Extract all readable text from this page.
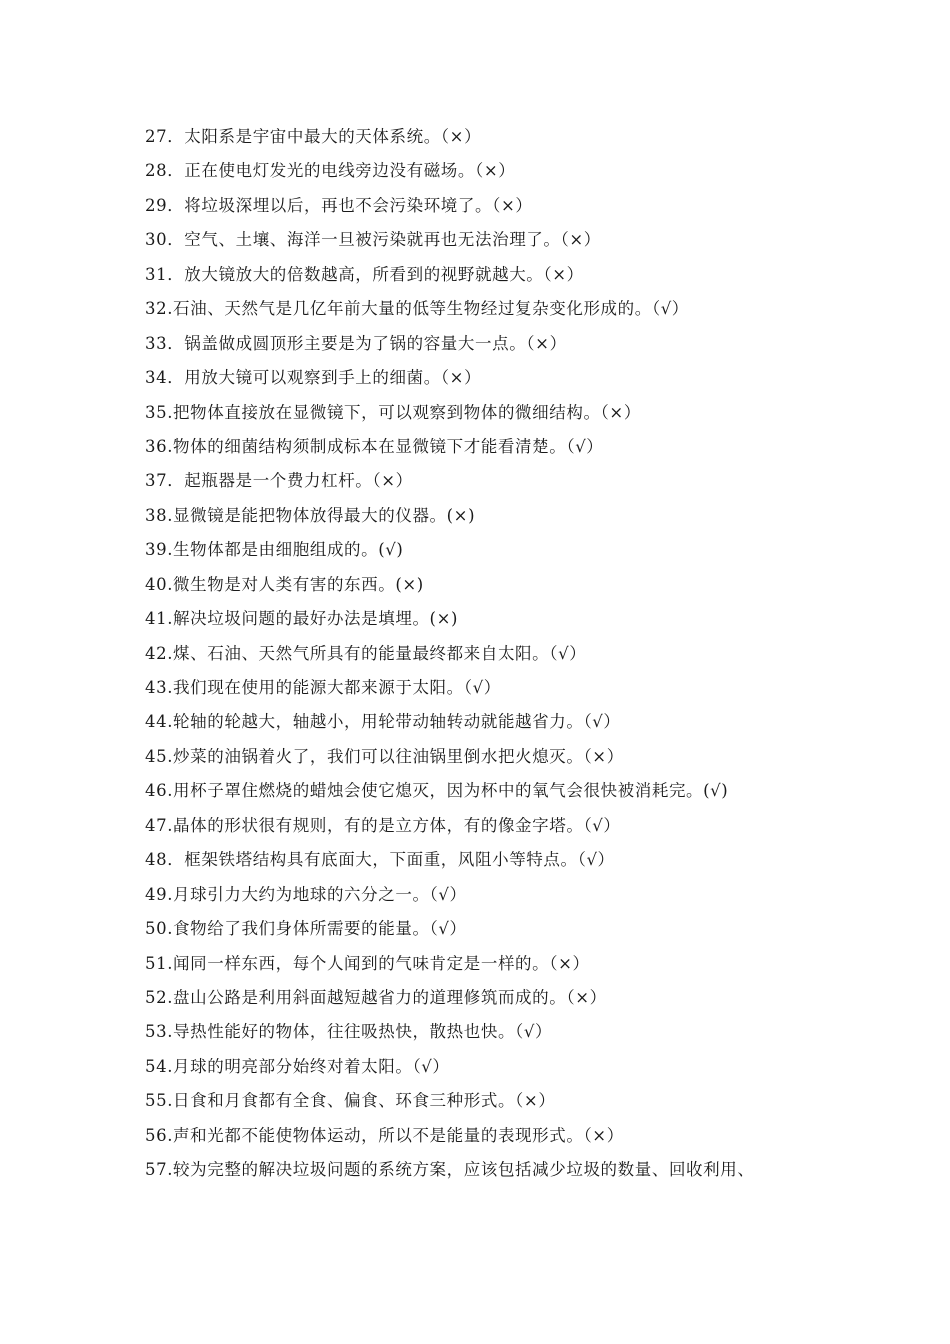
27．太阳系是宇宙中最大的天体系统。（×）
28．正在使电灯发光的电线旁边没有磁场。（×）
29．将垃圾深埋以后，再也不会污染环境了。（×）
30．空气、土壤、海洋一旦被污染就再也无法治理了。（×）
31．放大镜放大的倍数越高，所看到的视野就越大。（×）
32.石油、天然气是几亿年前大量的低等生物经过复杂变化形成的。（√）
33．锅盖做成圆顶形主要是为了锅的容量大一点。（×）
34．用放大镜可以观察到手上的细菌。（×）
35.把物体直接放在显微镜下，可以观察到物体的微细结构。（×）
36.物体的细菌结构须制成标本在显微镜下才能看清楚。（√）
37．起瓶器是一个费力杠杆。（×）
38.显微镜是能把物体放得最大的仪器。(×)
39.生物体都是由细胞组成的。(√)
40.微生物是对人类有害的东西。(×)
41.解决垃圾问题的最好办法是填埋。(×)
42.煤、石油、天然气所具有的能量最终都来自太阳。（√）
43.我们现在使用的能源大都来源于太阳。（√）
44.轮轴的轮越大，轴越小，用轮带动轴转动就能越省力。（√）
45.炒菜的油锅着火了，我们可以往油锅里倒水把火熄灭。（×）
46.用杯子罩住燃烧的蜡烛会使它熄灭，因为杯中的氧气会很快被消耗完。(√)
47.晶体的形状很有规则，有的是立方体，有的像金字塔。（√）
48．框架铁塔结构具有底面大，下面重，风阻小等特点。（√）
49.月球引力大约为地球的六分之一。（√）
50.食物给了我们身体所需要的能量。（√）
51.闻同一样东西，每个人闻到的气味肯定是一样的。（×）
52.盘山公路是利用斜面越短越省力的道理修筑而成的。（×）
53.导热性能好的物体，往往吸热快，散热也快。（√）
54.月球的明亮部分始终对着太阳。（√）
55.日食和月食都有全食、偏食、环食三种形式。（×）
56.声和光都不能使物体运动，所以不是能量的表现形式。（×）
57.较为完整的解决垃圾问题的系统方案，应该包括减少垃圾的数量、回收利用、
